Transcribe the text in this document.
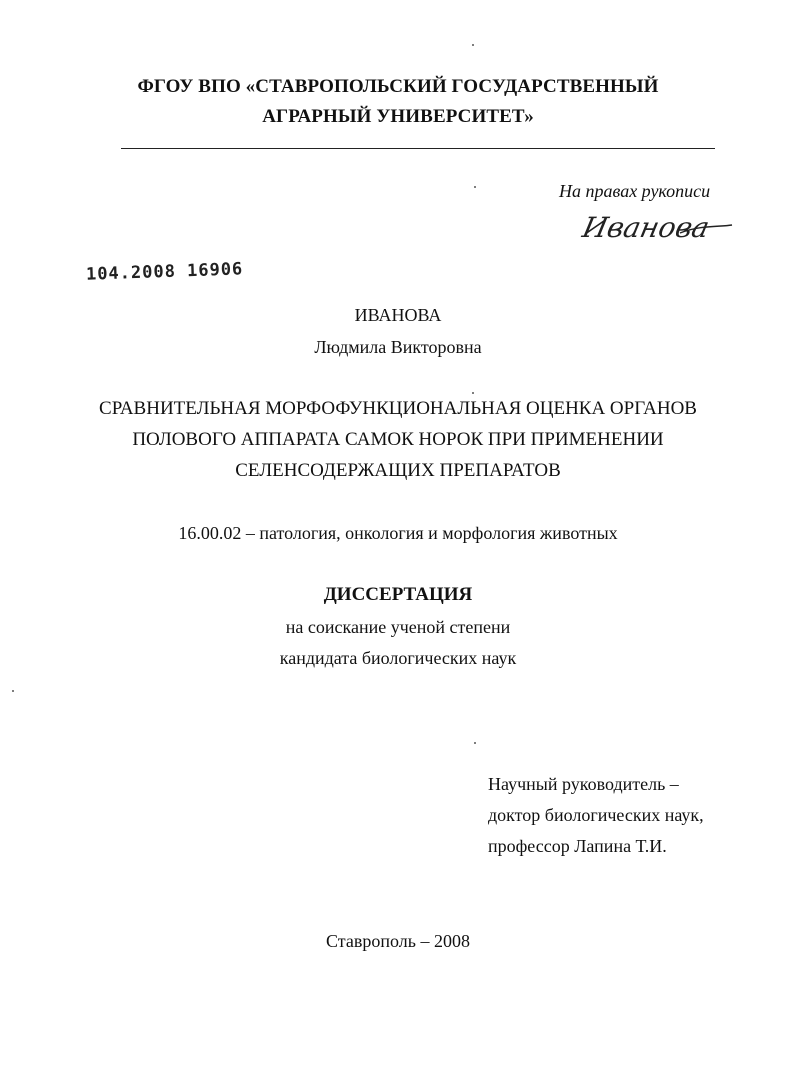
ФГОУ ВПО «СТАВРОПОЛЬСКИЙ ГОСУДАРСТВЕННЫЙ
АГРАРНЫЙ УНИВЕРСИТЕТ»
На правах рукописи
Иванова
104.2008 16906
ИВАНОВА
Людмила Викторовна
СРАВНИТЕЛЬНАЯ МОРФОФУНКЦИОНАЛЬНАЯ ОЦЕНКА ОРГАНОВ
ПОЛОВОГО АППАРАТА САМОК НОРОК ПРИ ПРИМЕНЕНИИ
СЕЛЕНСОДЕРЖАЩИХ ПРЕПАРАТОВ
16.00.02 – патология, онкология и морфология животных
ДИССЕРТАЦИЯ
на соискание ученой степени
кандидата биологических наук
Научный руководитель –
доктор биологических наук,
профессор Лапина Т.И.
Ставрополь – 2008
